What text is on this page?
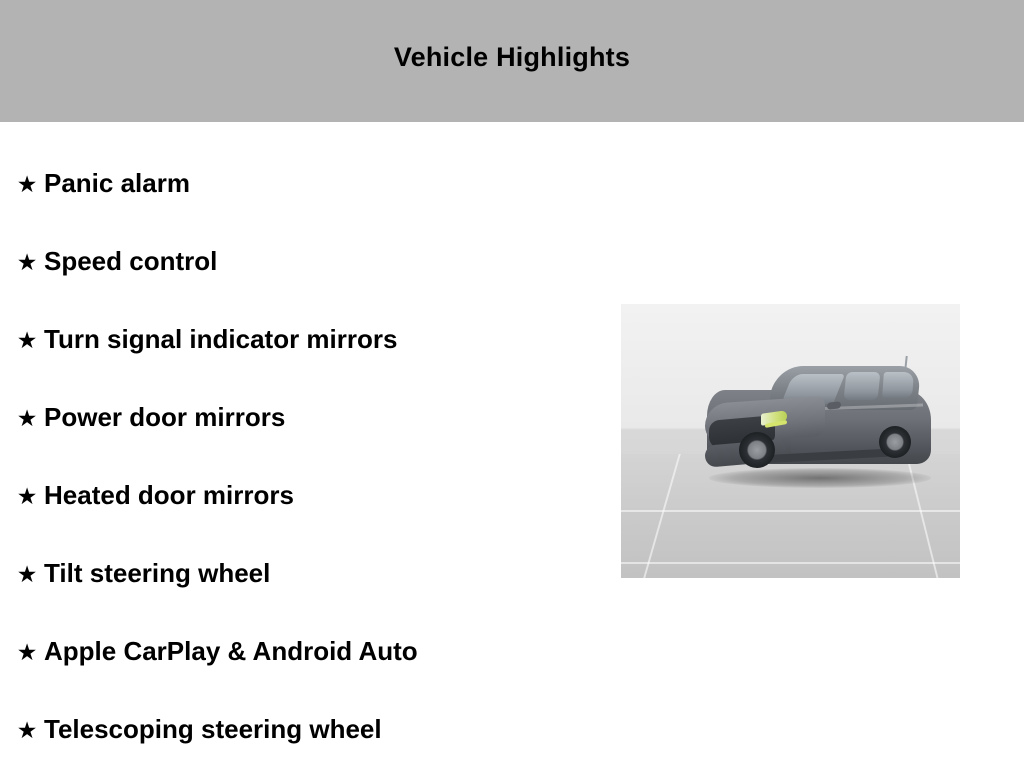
Vehicle Highlights
★ Panic alarm
★ Speed control
★ Turn signal indicator mirrors
★ Power door mirrors
★ Heated door mirrors
★ Tilt steering wheel
★ Apple CarPlay & Android Auto
★ Telescoping steering wheel
